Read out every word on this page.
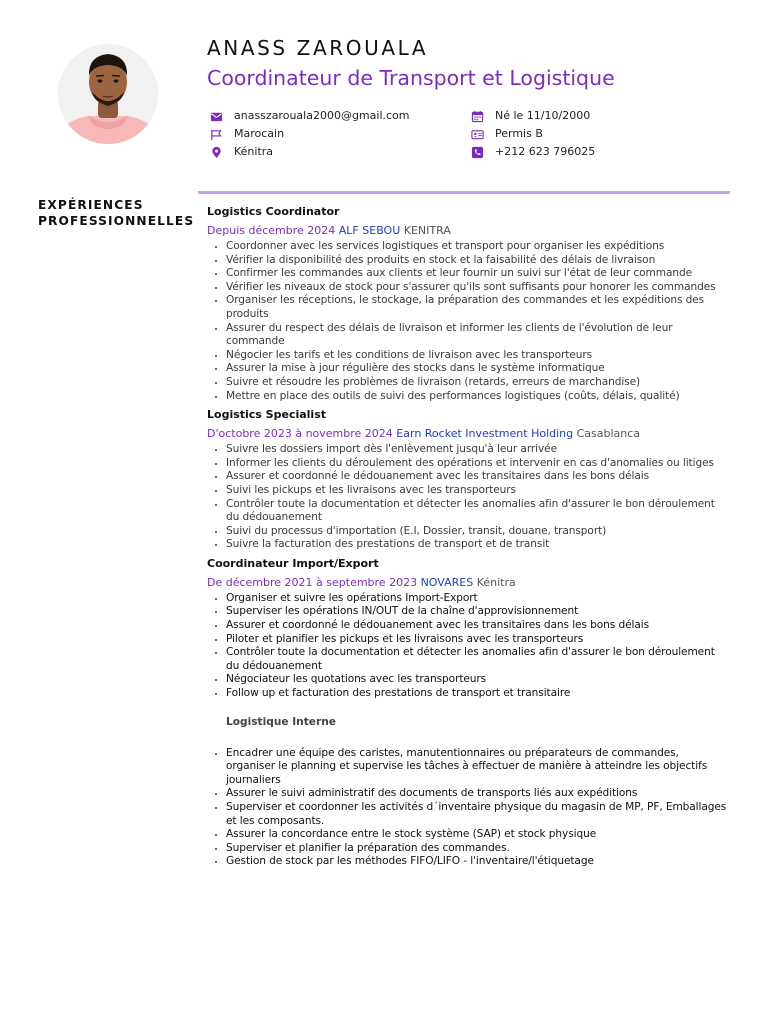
ANASS ZAROUALA
Coordinateur de Transport et Logistique
anasszarouala2000@gmail.com
Marocain
Kénitra
Né le 11/10/2000
Permis B
+212 623 796025
EXPÉRIENCES
PROFESSIONNELLES
Logistics Coordinator
Depuis décembre 2024 ALF SEBOU KENITRA
• Coordonner avec les services logistiques et transport pour organiser les expéditions
• Vérifier la disponibilité des produits en stock et la faisabilité des délais de livraison
• Confirmer les commandes aux clients et leur fournir un suivi sur l'état de leur commande
• Vérifier les niveaux de stock pour s'assurer qu'ils sont suffisants pour honorer les commandes
• Organiser les réceptions, le stockage, la préparation des commandes et les expéditions des produits
• Assurer du respect des délais de livraison et informer les clients de l'évolution de leur commande
• Négocier les tarifs et les conditions de livraison avec les transporteurs
• Assurer la mise à jour régulière des stocks dans le système informatique
• Suivre et résoudre les problèmes de livraison (retards, erreurs de marchandise)
• Mettre en place des outils de suivi des performances logistiques (coûts, délais, qualité)
Logistics Specialist
D'octobre 2023 à novembre 2024 Earn Rocket Investment Holding Casablanca
• Suivre les dossiers import dès l'enlèvement jusqu'à leur arrivée
• Informer les clients du déroulement des opérations et intervenir en cas d'anomalies ou litiges
• Assurer et coordonné le dédouanement avec les transitaires dans les bons délais
• Suivi les pickups et les livraisons avec les transporteurs
• Contrôler toute la documentation et détecter les anomalies afin d'assurer le bon déroulement du dédouanement
• Suivi du processus d'importation (E.I, Dossier, transit, douane, transport)
• Suivre la facturation des prestations de transport et de transit
Coordinateur Import/Export
De décembre 2021 à septembre 2023 NOVARES Kénitra
• Organiser et suivre les opérations Import-Export
• Superviser les opérations IN/OUT de la chaîne d'approvisionnement
• Assurer et coordonné le dédouanement avec les transitaires dans les bons délais
• Piloter et planifier les pickups et les livraisons avec les transporteurs
• Contrôler toute la documentation et détecter les anomalies afin d'assurer le bon déroulement du dédouanement
• Négociateur les quotations avec les transporteurs
• Follow up et facturation des prestations de transport et transitaire
Logistique Interne
• Encadrer une équipe des caristes, manutentionnaires ou préparateurs de commandes, organiser le planning et supervise les tâches à effectuer de manière à atteindre les objectifs journaliers
• Assurer le suivi administratif des documents de transports liés aux expéditions
• Superviser et coordonner les activités d´inventaire physique du magasin de MP, PF, Emballages et les composants.
• Assurer la concordance entre le stock système (SAP) et stock physique
• Superviser et planifier la préparation des commandes.
• Gestion de stock par les méthodes FIFO/LIFO - l'inventaire/l'étiquetage
